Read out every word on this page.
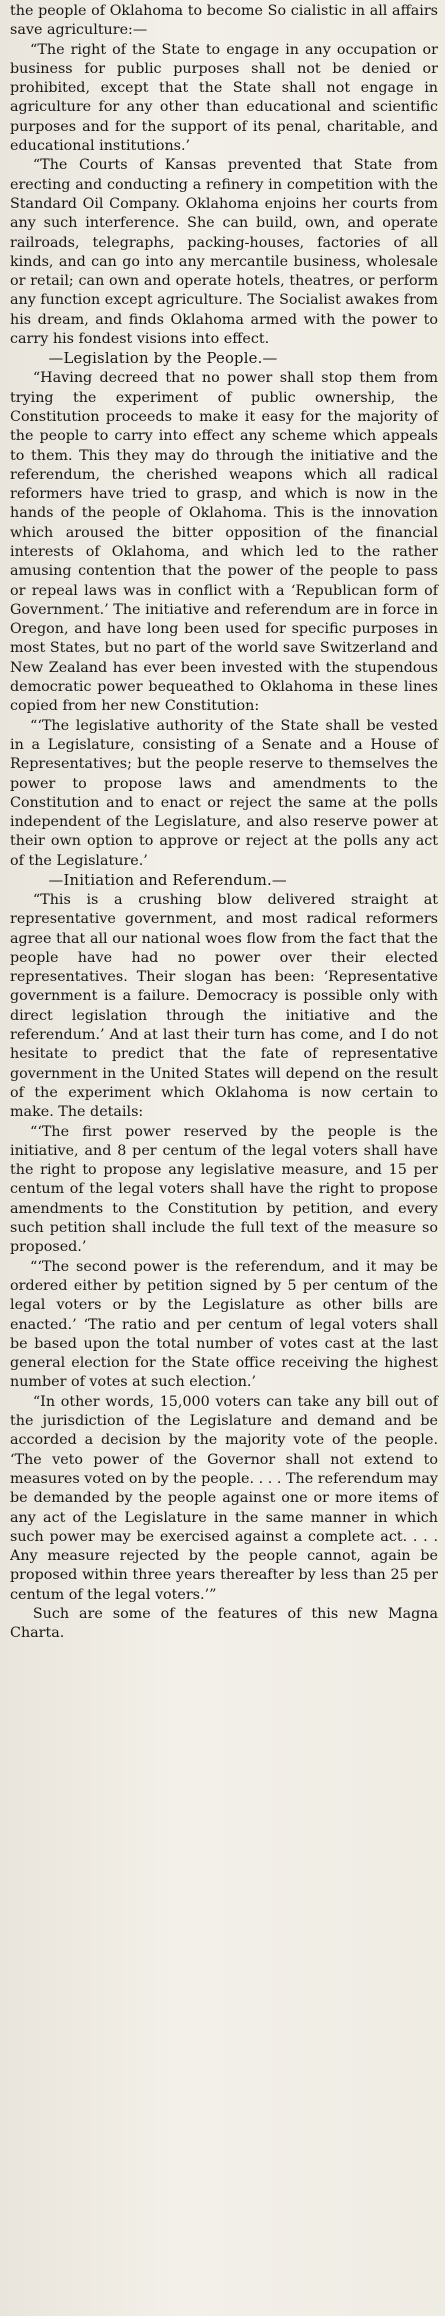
the people of Oklahoma to become So cialistic in all affairs save agriculture:—

“The right of the State to engage in any occupation or business for public purposes shall not be denied or prohibited, except that the State shall not engage in agriculture for any other than educational and scientific purposes and for the support of its penal, charitable, and educational institutions.’

“The Courts of Kansas prevented that State from erecting and conducting a refinery in competition with the Standard Oil Company. Oklahoma enjoins her courts from any such interference. She can build, own, and operate railroads, telegraphs, packing-houses, factories of all kinds, and can go into any mercantile business, wholesale or retail; can own and operate hotels, theatres, or perform any function except agriculture. The Socialist awakes from his dream, and finds Oklahoma armed with the power to carry his fondest visions into effect.

—Legislation by the People.—

“Having decreed that no power shall stop them from trying the experiment of public ownership, the Constitution proceeds to make it easy for the majority of the people to carry into effect any scheme which appeals to them. This they may do through the initiative and the referendum, the cherished weapons which all radical reformers have tried to grasp, and which is now in the hands of the people of Oklahoma. This is the innovation which aroused the bitter opposition of the financial interests of Oklahoma, and which led to the rather amusing contention that the power of the people to pass or repeal laws was in conflict with a ‘Republican form of Government.’ The initiative and referendum are in force in Oregon, and have long been used for specific purposes in most States, but no part of the world save Switzerland and New Zealand has ever been invested with the stupendous democratic power bequeathed to Oklahoma in these lines copied from her new Constitution:

“‘The legislative authority of the State shall be vested in a Legislature, consisting of a Senate and a House of Representatives; but the people reserve to themselves the power to propose laws and amendments to the Constitution and to enact or reject the same at the polls independent of the Legislature, and also reserve power at their own option to approve or reject at the polls any act of the Legislature.’

—Initiation and Referendum.—

“This is a crushing blow delivered straight at representative government, and most radical reformers agree that all our national woes flow from the fact that the people have had no power over their elected representatives. Their slogan has been: ‘Representative government is a failure. Democracy is possible only with direct legislation through the initiative and the referendum.’ And at last their turn has come, and I do not hesitate to predict that the fate of representative government in the United States will depend on the result of the experiment which Oklahoma is now certain to make. The details:

“‘The first power reserved by the people is the initiative, and 8 per centum of the legal voters shall have the right to propose any legislative measure, and 15 per centum of the legal voters shall have the right to propose amendments to the Constitution by petition, and every such petition shall include the full text of the measure so proposed.’

“‘The second power is the referendum, and it may be ordered either by petition signed by 5 per centum of the legal voters or by the Legislature as other bills are enacted.’ ‘The ratio and per centum of legal voters shall be based upon the total number of votes cast at the last general election for the State office receiving the highest number of votes at such election.’

“In other words, 15,000 voters can take any bill out of the jurisdiction of the Legislature and demand and be accorded a decision by the majority vote of the people. ‘The veto power of the Governor shall not extend to measures voted on by the people. . . . The referendum may be demanded by the people against one or more items of any act of the Legislature in the same manner in which such power may be exercised against a complete act. . . . Any measure rejected by the people cannot, again be proposed within three years thereafter by less than 25 per centum of the legal voters.’”

Such are some of the features of this new Magna Charta.
